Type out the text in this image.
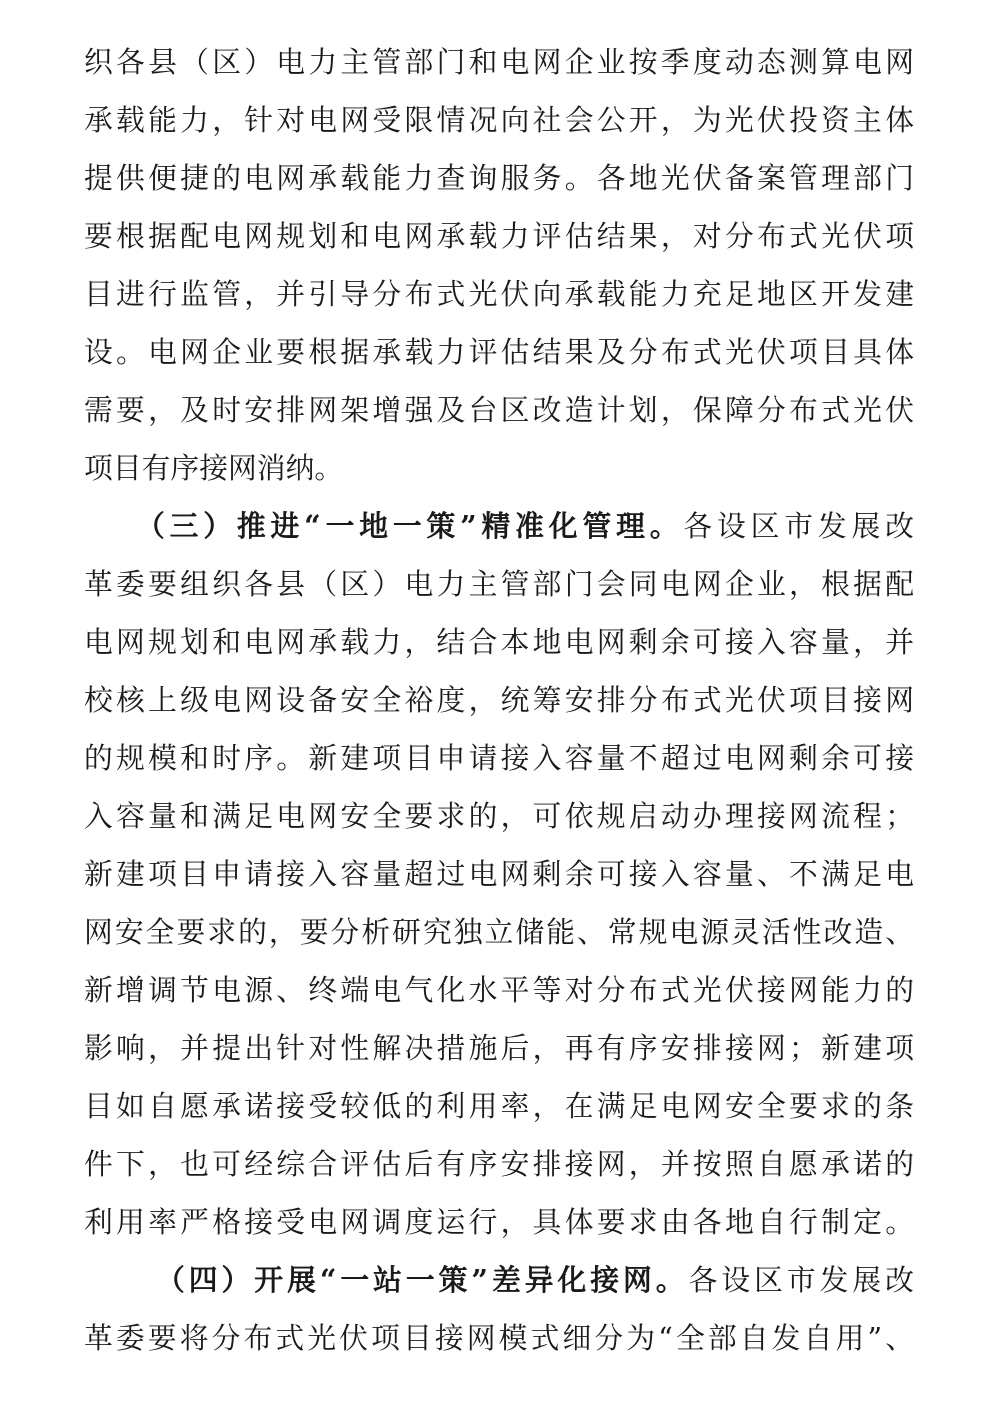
织各县（区）电力主管部门和电网企业按季度动态测算电网
承载能力，针对电网受限情况向社会公开，为光伏投资主体
提供便捷的电网承载能力查询服务。各地光伏备案管理部门
要根据配电网规划和电网承载力评估结果，对分布式光伏项
目进行监管，并引导分布式光伏向承载能力充足地区开发建
设。电网企业要根据承载力评估结果及分布式光伏项目具体
需要，及时安排网架增强及台区改造计划，保障分布式光伏
项目有序接网消纳。
（三）推进“一地一策”精准化管理。各设区市发展改
革委要组织各县（区）电力主管部门会同电网企业，根据配
电网规划和电网承载力，结合本地电网剩余可接入容量，并
校核上级电网设备安全裕度，统筹安排分布式光伏项目接网
的规模和时序。新建项目申请接入容量不超过电网剩余可接
入容量和满足电网安全要求的，可依规启动办理接网流程；
新建项目申请接入容量超过电网剩余可接入容量、不满足电
网安全要求的，要分析研究独立储能、常规电源灵活性改造、
新增调节电源、终端电气化水平等对分布式光伏接网能力的
影响，并提出针对性解决措施后，再有序安排接网；新建项
目如自愿承诺接受较低的利用率，在满足电网安全要求的条
件下，也可经综合评估后有序安排接网，并按照自愿承诺的
利用率严格接受电网调度运行，具体要求由各地自行制定。
（四）开展“一站一策”差异化接网。各设区市发展改
革委要将分布式光伏项目接网模式细分为“全部自发自用”、
